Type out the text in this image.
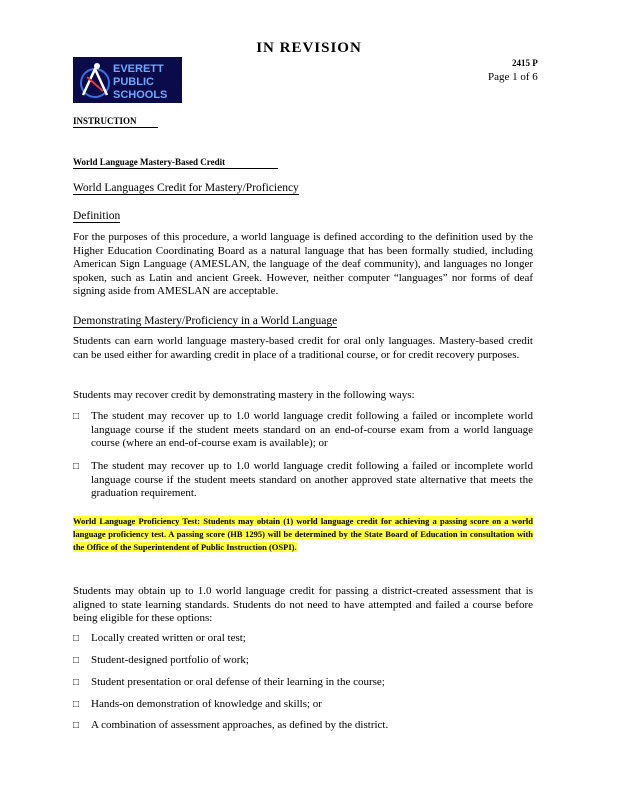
IN REVISION
EVERETT
PUBLIC
SCHOOLS
2415 P
Page 1 of 6
INSTRUCTION
World Language Mastery-Based Credit
World Languages Credit for Mastery/Proficiency
Definition
For the purposes of this procedure, a world language is defined according to the definition used by the Higher Education Coordinating Board as a natural language that has been formally studied, including American Sign Language (AMESLAN, the language of the deaf community), and languages no longer spoken, such as Latin and ancient Greek. However, neither computer “languages” nor forms of deaf signing aside from AMESLAN are acceptable.
Demonstrating Mastery/Proficiency in a World Language
Students can earn world language mastery-based credit for oral only languages. Mastery-based credit can be used either for awarding credit in place of a traditional course, or for credit recovery purposes.
Students may recover credit by demonstrating mastery in the following ways:
□	The student may recover up to 1.0 world language credit following a failed or incomplete world language course if the student meets standard on an end-of-course exam from a world language course (where an end-of-course exam is available); or
□	The student may recover up to 1.0 world language credit following a failed or incomplete world language course if the student meets standard on another approved state alternative that meets the graduation requirement.
World Language Proficiency Test: Students may obtain (1) world language credit for achieving a passing score on a world language proficiency test. A passing score (HB 1295) will be determined by the State Board of Education in consultation with the Office of the Superintendent of Public Instruction (OSPI).
Students may obtain up to 1.0 world language credit for passing a district-created assessment that is aligned to state learning standards. Students do not need to have attempted and failed a course before being eligible for these options:
□	Locally created written or oral test;
□	Student-designed portfolio of work;
□	Student presentation or oral defense of their learning in the course;
□	Hands-on demonstration of knowledge and skills; or
□	A combination of assessment approaches, as defined by the district.
